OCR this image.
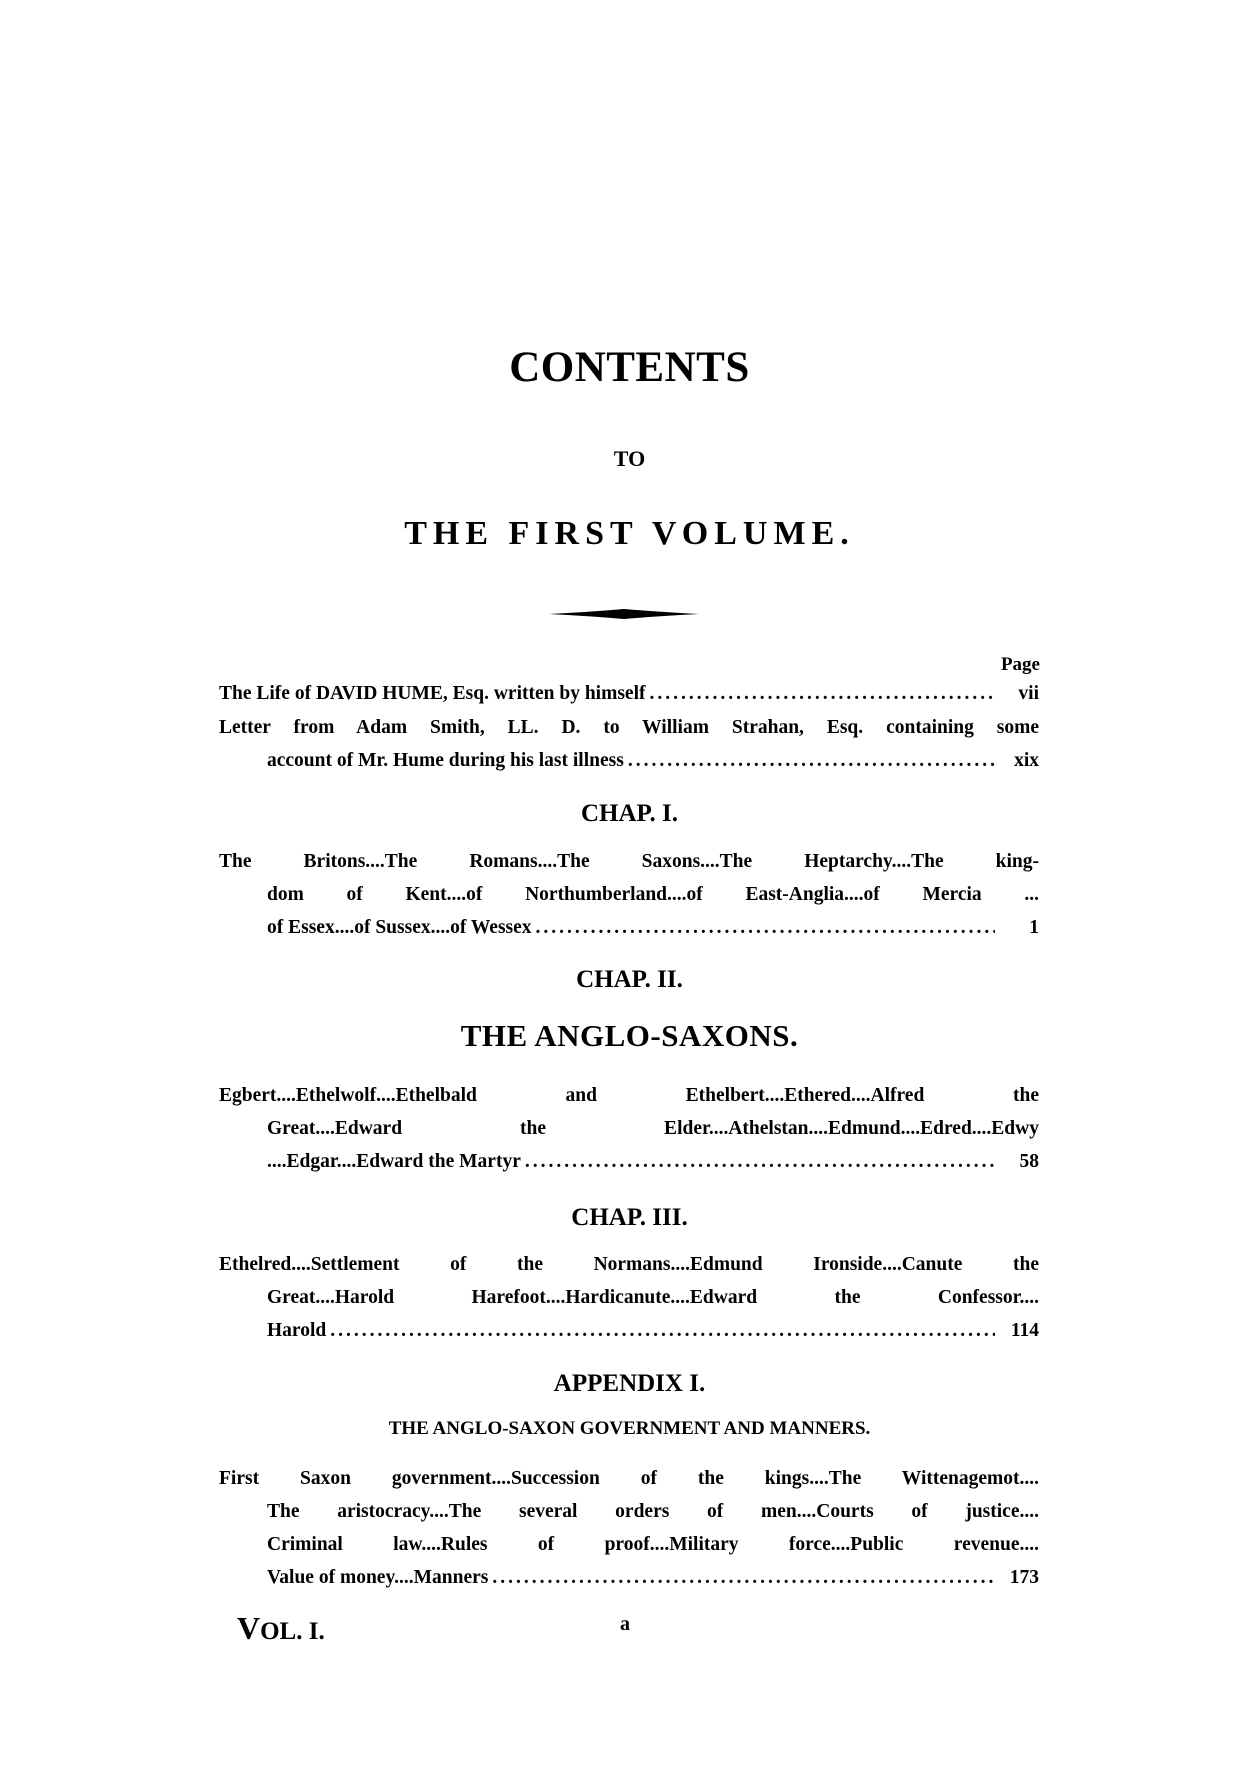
CONTENTS
TO
THE FIRST VOLUME.
Page
The Life of DAVID HUME, Esq. written by himself .....	vii
Letter from Adam Smith, LL. D. to William Strahan, Esq. containing some
account of Mr. Hume during his last illness .....	xix
CHAP. I.
The Britons....The Romans....The Saxons....The Heptarchy....The king-
dom of Kent....of Northumberland....of East-Anglia....of Mercia ...
of Essex....of Sussex....of Wessex .....	1
CHAP. II.
THE ANGLO-SAXONS.
Egbert....Ethelwolf....Ethelbald and Ethelbert....Ethered....Alfred the
Great....Edward the Elder....Athelstan....Edmund....Edred....Edwy
....Edgar....Edward the Martyr .....	58
CHAP. III.
Ethelred....Settlement of the Normans....Edmund Ironside....Canute the
Great....Harold Harefoot....Hardicanute....Edward the Confessor....
Harold .....	114
APPENDIX I.
THE ANGLO-SAXON GOVERNMENT AND MANNERS.
First Saxon government....Succession of the kings....The Wittenagemot....
The aristocracy....The several orders of men....Courts of justice....
Criminal law....Rules of proof....Military force....Public revenue....
Value of money....Manners .....	173
VOL. I.	a
